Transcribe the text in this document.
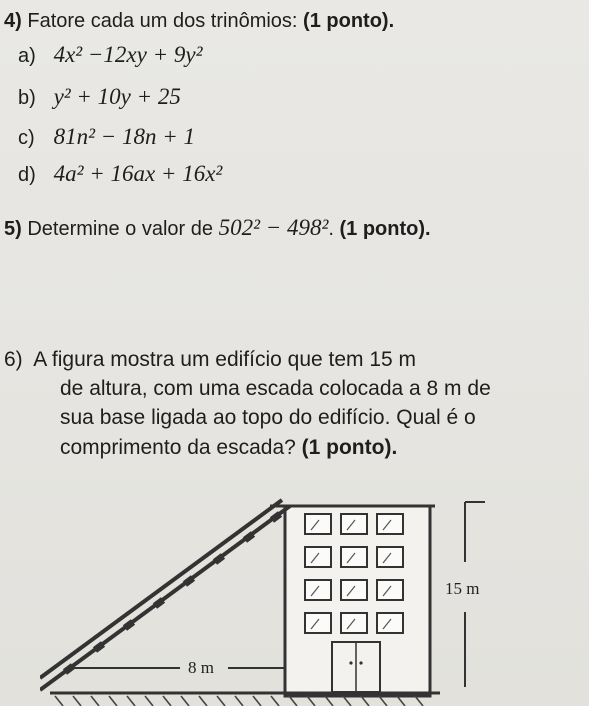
4) Fatore cada um dos trinômios: (1 ponto).
a) 4x² −12xy + 9y²
b) y² + 10y + 25
c) 81n² − 18n + 1
d) 4a² + 16ax + 16x²
5) Determine o valor de 502² − 498². (1 ponto).
6) A figura mostra um edifício que tem 15 m
de altura, com uma escada colocada a 8 m de
sua base ligada ao topo do edifício. Qual é o
comprimento da escada? (1 ponto).
15 m
8 m
